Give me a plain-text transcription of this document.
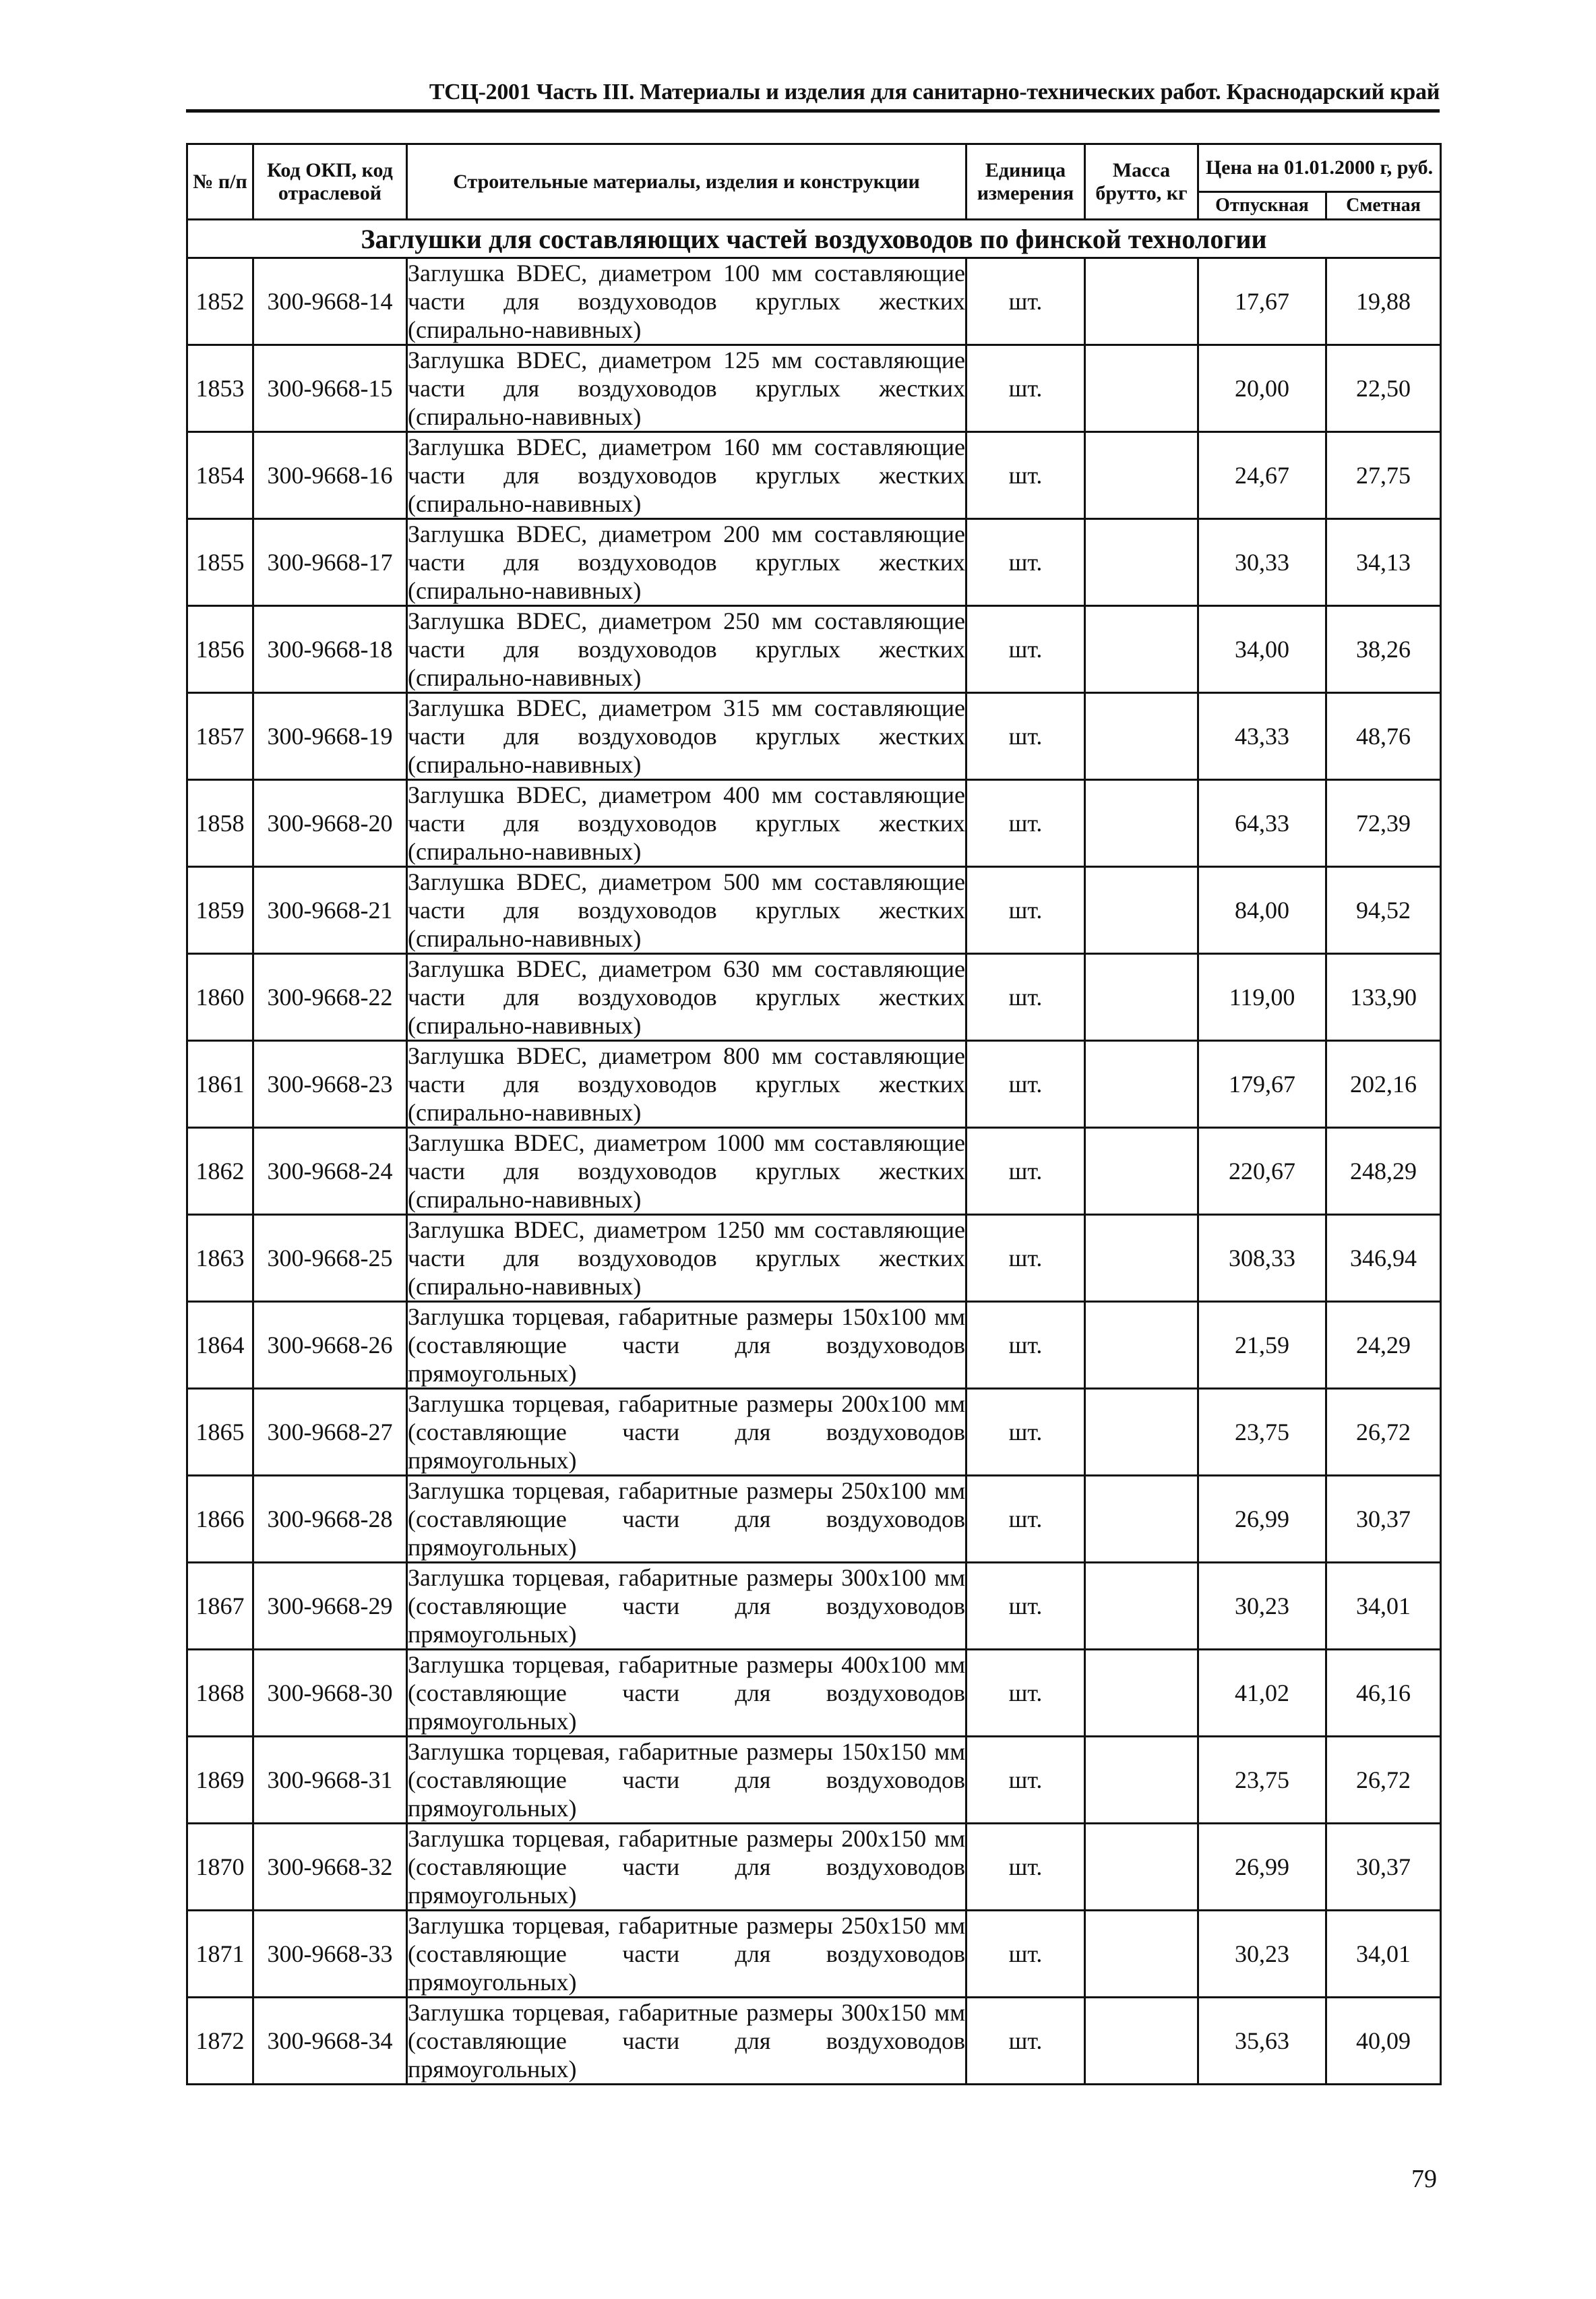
ТСЦ-2001 Часть III. Материалы и изделия для санитарно-технических работ. Краснодарский край
№ п/п	Код ОКП, код отраслевой	Строительные материалы, изделия и конструкции	Единица измерения	Масса брутто, кг	Цена на 01.01.2000 г, руб.	
					Отпускная	Сметная
Заглушки для составляющих частей воздуховодов по финской технологии						
1852	300-9668-14	Заглушка BDEC, диаметром 100 мм составляющие части для воздуховодов круглых жестких (спирально-навивных)	шт.		17,67	19,88
1853	300-9668-15	Заглушка BDEC, диаметром 125 мм составляющие части для воздуховодов круглых жестких (спирально-навивных)	шт.		20,00	22,50
1854	300-9668-16	Заглушка BDEC, диаметром 160 мм составляющие части для воздуховодов круглых жестких (спирально-навивных)	шт.		24,67	27,75
1855	300-9668-17	Заглушка BDEC, диаметром 200 мм составляющие части для воздуховодов круглых жестких (спирально-навивных)	шт.		30,33	34,13
1856	300-9668-18	Заглушка BDEC, диаметром 250 мм составляющие части для воздуховодов круглых жестких (спирально-навивных)	шт.		34,00	38,26
1857	300-9668-19	Заглушка BDEC, диаметром 315 мм составляющие части для воздуховодов круглых жестких (спирально-навивных)	шт.		43,33	48,76
1858	300-9668-20	Заглушка BDEC, диаметром 400 мм составляющие части для воздуховодов круглых жестких (спирально-навивных)	шт.		64,33	72,39
1859	300-9668-21	Заглушка BDEC, диаметром 500 мм составляющие части для воздуховодов круглых жестких (спирально-навивных)	шт.		84,00	94,52
1860	300-9668-22	Заглушка BDEC, диаметром 630 мм составляющие части для воздуховодов круглых жестких (спирально-навивных)	шт.		119,00	133,90
1861	300-9668-23	Заглушка BDEC, диаметром 800 мм составляющие части для воздуховодов круглых жестких (спирально-навивных)	шт.		179,67	202,16
1862	300-9668-24	Заглушка BDEC, диаметром 1000 мм составляющие части для воздуховодов круглых жестких (спирально-навивных)	шт.		220,67	248,29
1863	300-9668-25	Заглушка BDEC, диаметром 1250 мм составляющие части для воздуховодов круглых жестких (спирально-навивных)	шт.		308,33	346,94
1864	300-9668-26	Заглушка торцевая, габаритные размеры 150x100 мм (составляющие части для воздуховодов прямоугольных)	шт.		21,59	24,29
1865	300-9668-27	Заглушка торцевая, габаритные размеры 200x100 мм (составляющие части для воздуховодов прямоугольных)	шт.		23,75	26,72
1866	300-9668-28	Заглушка торцевая, габаритные размеры 250x100 мм (составляющие части для воздуховодов прямоугольных)	шт.		26,99	30,37
1867	300-9668-29	Заглушка торцевая, габаритные размеры 300x100 мм (составляющие части для воздуховодов прямоугольных)	шт.		30,23	34,01
1868	300-9668-30	Заглушка торцевая, габаритные размеры 400x100 мм (составляющие части для воздуховодов прямоугольных)	шт.		41,02	46,16
1869	300-9668-31	Заглушка торцевая, габаритные размеры 150x150 мм (составляющие части для воздуховодов прямоугольных)	шт.		23,75	26,72
1870	300-9668-32	Заглушка торцевая, габаритные размеры 200x150 мм (составляющие части для воздуховодов прямоугольных)	шт.		26,99	30,37
1871	300-9668-33	Заглушка торцевая, габаритные размеры 250x150 мм (составляющие части для воздуховодов прямоугольных)	шт.		30,23	34,01
1872	300-9668-34	Заглушка торцевая, габаритные размеры 300x150 мм (составляющие части для воздуховодов прямоугольных)	шт.		35,63	40,09
79
